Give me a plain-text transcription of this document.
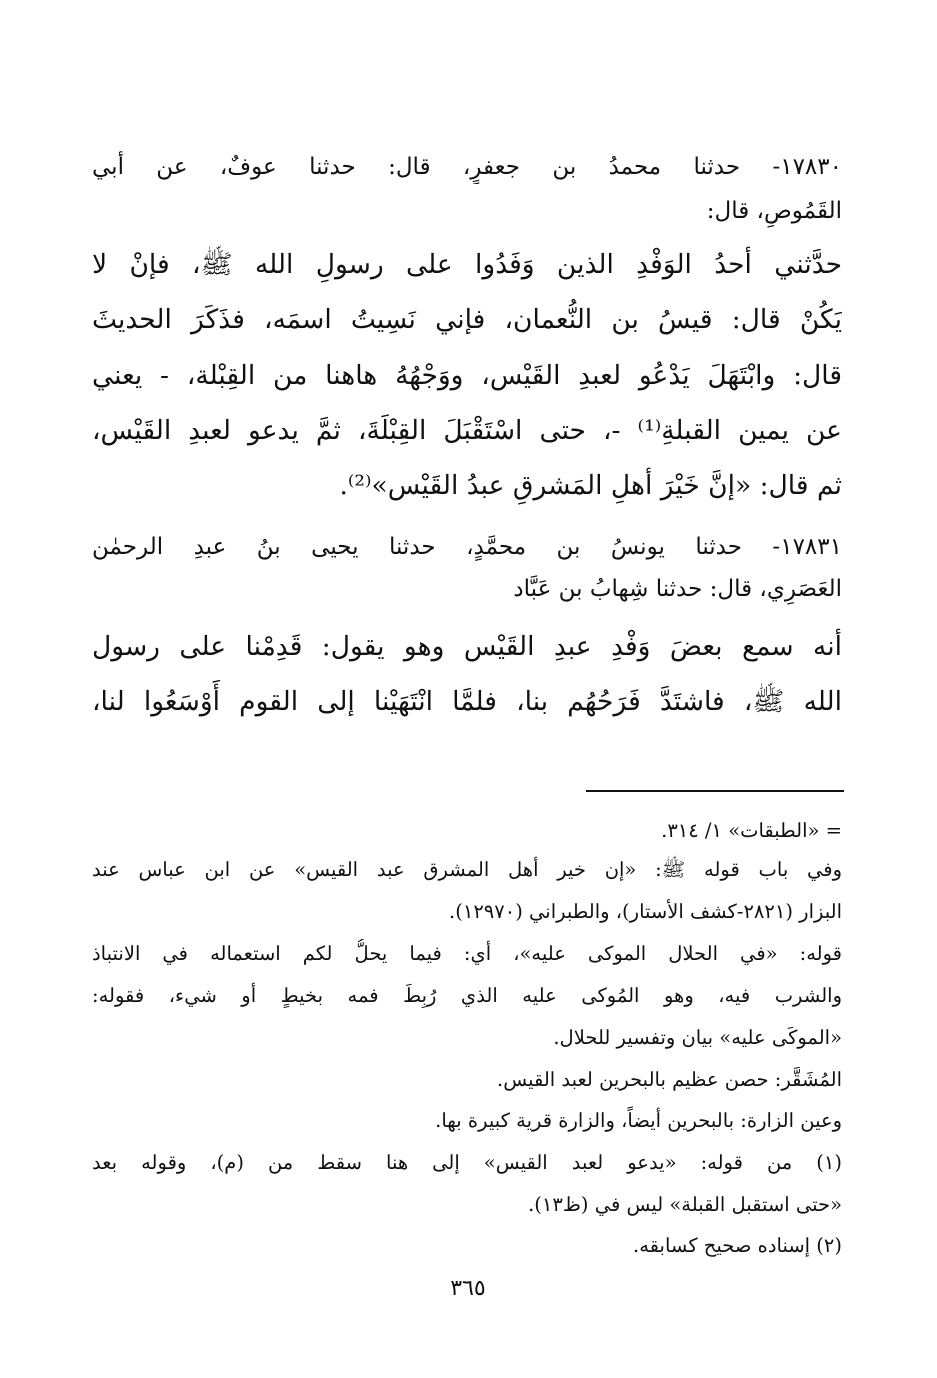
١٧٨٣٠- حدثنا محمدُ بن جعفرٍ، قال: حدثنا عوفٌ، عن أبي
القَمُوصِ، قال:
حدَّثني أحدُ الوَفْدِ الذين وَفَدُوا على رسولِ الله ﷺ، فإنْ لا
يَكُنْ قال: قيسُ بن النُّعمان، فإني نَسِيتُ اسمَه، فذَكَرَ الحديثَ
قال: وابْتَهَلَ يَدْعُو لعبدِ القَيْس، ووَجْهُهُ هاهنا من القِبْلة، - يعني
عن يمين القبلةِ⁽¹⁾ -، حتى اسْتَقْبَلَ القِبْلَةَ، ثمَّ يدعو لعبدِ القَيْس،
ثم قال: «إنَّ خَيْرَ أهلِ المَشرقِ عبدُ القَيْس»⁽²⁾.
١٧٨٣١- حدثنا يونسُ بن محمَّدٍ، حدثنا يحيى بنُ عبدِ الرحمٰن
العَصَرِي، قال: حدثنا شِهابُ بن عَبَّاد
أنه سمع بعضَ وَفْدِ عبدِ القَيْس وهو يقول: قَدِمْنا على رسول
الله ﷺ، فاشتَدَّ فَرَحُهُم بنا، فلمَّا انْتَهَيْنا إلى القوم أَوْسَعُوا لنا،
= «الطبقات» ١/ ٣١٤.
وفي باب قوله ﷺ: «إن خير أهل المشرق عبد القيس» عن ابن عباس عند
البزار (٢٨٢١-كشف الأستار)، والطبراني (١٢٩٧٠).
قوله: «في الحلال الموكى عليه»، أي: فيما يحلُّ لكم استعماله في الانتباذ
والشرب فيه، وهو المُوكى عليه الذي رُبِطَ فمه بخيطٍ أو شيء، فقوله:
«الموكَى عليه» بيان وتفسير للحلال.
المُشَقَّر: حصن عظيم بالبحرين لعبد القيس.
وعين الزارة: بالبحرين أيضاً، والزارة قرية كبيرة بها.
(١) من قوله: «يدعو لعبد القيس» إلى هنا سقط من (م)، وقوله بعد
«حتى استقبل القبلة» ليس في (ظ١٣).
(٢) إسناده صحيح كسابقه.
٣٦٥
